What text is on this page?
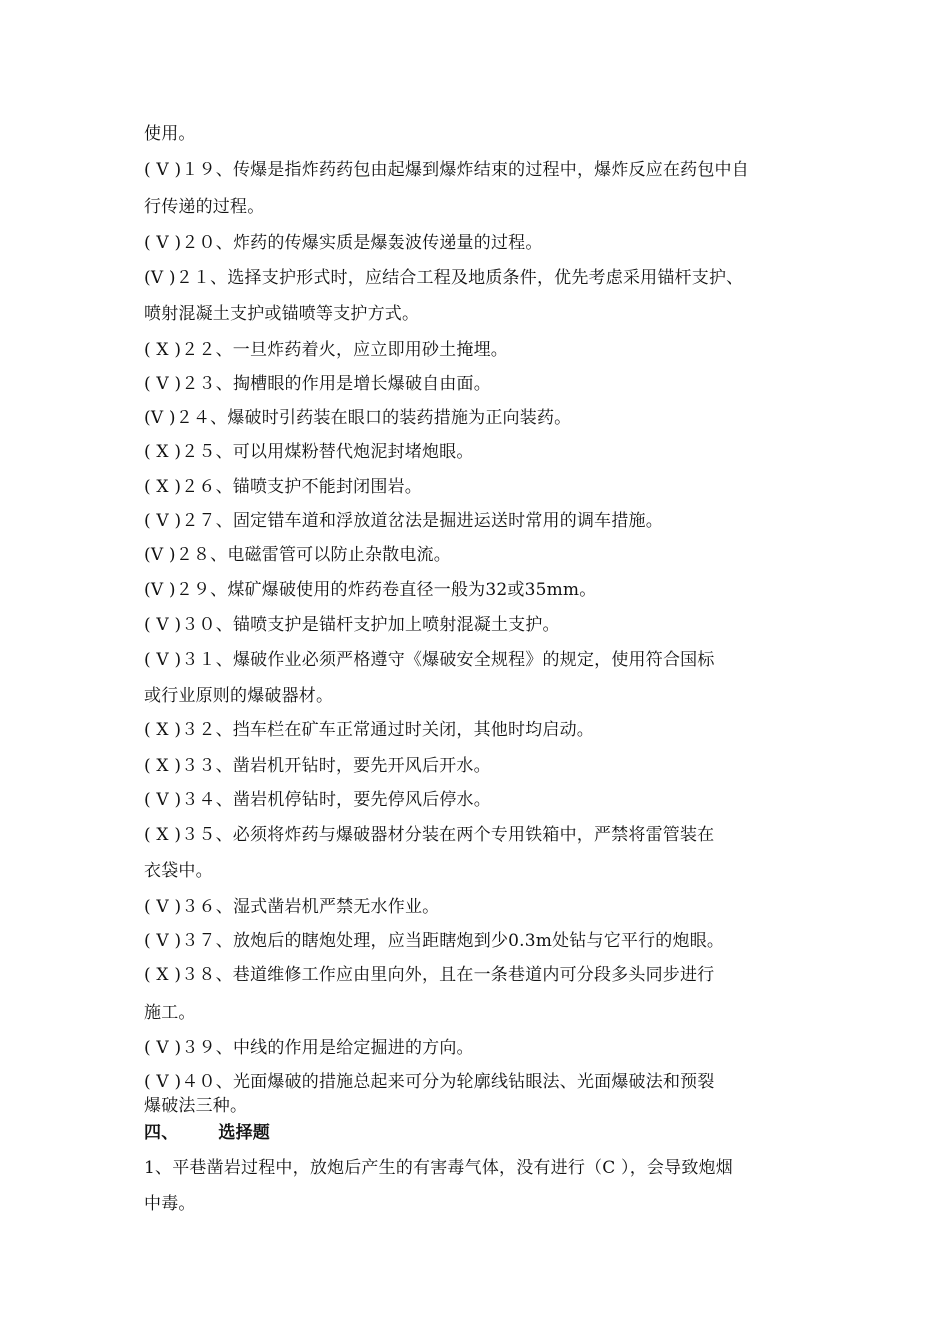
使用。
( V )１９、传爆是指炸药药包由起爆到爆炸结束的过程中，爆炸反应在药包中自
行传递的过程。
( V )２０、炸药的传爆实质是爆轰波传递量的过程。
(V )２１、选择支护形式时，应结合工程及地质条件，优先考虑采用锚杆支护、
喷射混凝土支护或锚喷等支护方式。
( X )２２、一旦炸药着火，应立即用砂土掩埋。
( V )２３、掏槽眼的作用是增长爆破自由面。
(V )２４、爆破时引药装在眼口的装药措施为正向装药。
( X )２５、可以用煤粉替代炮泥封堵炮眼。
( X )２６、锚喷支护不能封闭围岩。
( V )２７、固定错车道和浮放道岔法是掘进运送时常用的调车措施。
(V )２８、电磁雷管可以防止杂散电流。
(V )２９、煤矿爆破使用的炸药卷直径一般为32或35mm。
( V )３０、锚喷支护是锚杆支护加上喷射混凝土支护。
( V )３１、爆破作业必须严格遵守《爆破安全规程》的规定，使用符合国标
或行业原则的爆破器材。
( X )３２、挡车栏在矿车正常通过时关闭，其他时均启动。
( X )３３、凿岩机开钻时，要先开风后开水。
( V )３４、凿岩机停钻时，要先停风后停水。
( X )３５、必须将炸药与爆破器材分装在两个专用铁箱中，严禁将雷管装在
衣袋中。
( V )３６、湿式凿岩机严禁无水作业。
( V )３７、放炮后的瞎炮处理，应当距瞎炮到少0.3m处钻与它平行的炮眼。
( X )３８、巷道维修工作应由里向外，且在一条巷道内可分段多头同步进行
施工。
( V )３９、中线的作用是给定掘进的方向。
( V )４０、光面爆破的措施总起来可分为轮廓线钻眼法、光面爆破法和预裂
爆破法三种。
四、 选择题
1、平巷凿岩过程中，放炮后产生的有害毒气体，没有进行（C ），会导致炮烟
中毒。
